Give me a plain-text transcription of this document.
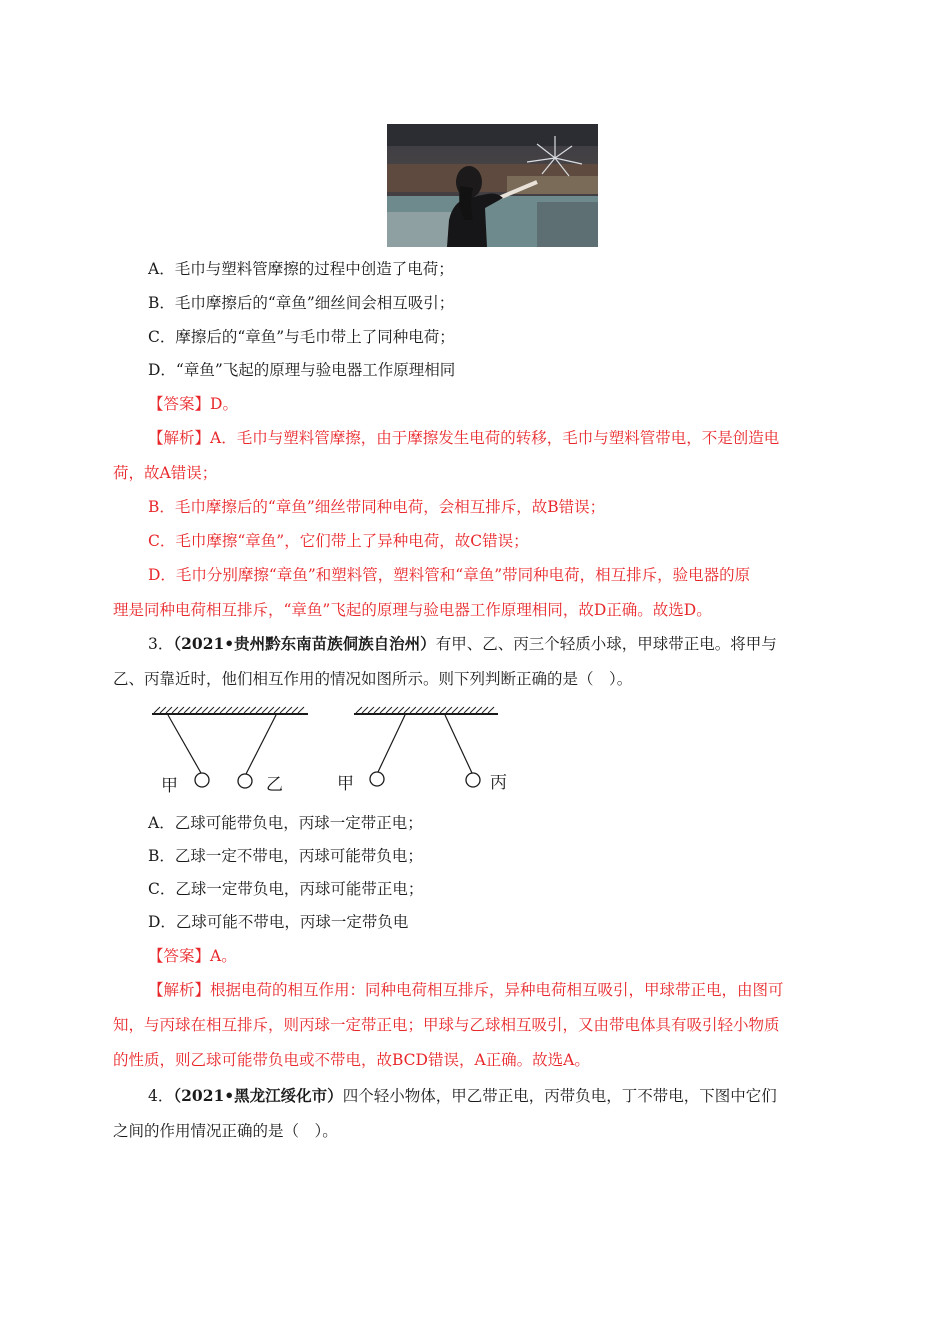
A．毛巾与塑料管摩擦的过程中创造了电荷；
B．毛巾摩擦后的“章鱼”细丝间会相互吸引；
C．摩擦后的“章鱼”与毛巾带上了同种电荷；
D．“章鱼”飞起的原理与验电器工作原理相同
【答案】D。
【解析】A．毛巾与塑料管摩擦，由于摩擦发生电荷的转移，毛巾与塑料管带电，不是创造电
荷，故A错误；
B．毛巾摩擦后的“章鱼”细丝带同种电荷，会相互排斥，故B错误；
C．毛巾摩擦“章鱼”，它们带上了异种电荷，故C错误；
D．毛巾分别摩擦“章鱼”和塑料管，塑料管和“章鱼”带同种电荷，相互排斥，验电器的原
理是同种电荷相互排斥，“章鱼”飞起的原理与验电器工作原理相同，故D正确。故选D。
3．（2021•贵州黔东南苗族侗族自治州）有甲、乙、丙三个轻质小球，甲球带正电。将甲与
乙、丙靠近时，他们相互作用的情况如图所示。则下列判断正确的是（　）。
甲	乙	甲	丙
A．乙球可能带负电，丙球一定带正电；
B．乙球一定不带电，丙球可能带负电；
C．乙球一定带负电，丙球可能带正电；
D．乙球可能不带电，丙球一定带负电
【答案】A。
【解析】根据电荷的相互作用：同种电荷相互排斥，异种电荷相互吸引，甲球带正电，由图可
知，与丙球在相互排斥，则丙球一定带正电；甲球与乙球相互吸引，又由带电体具有吸引轻小物质
的性质，则乙球可能带负电或不带电，故BCD错误，A正确。故选A。
4．（2021•黑龙江绥化市）四个轻小物体，甲乙带正电，丙带负电，丁不带电，下图中它们
之间的作用情况正确的是（　）。
